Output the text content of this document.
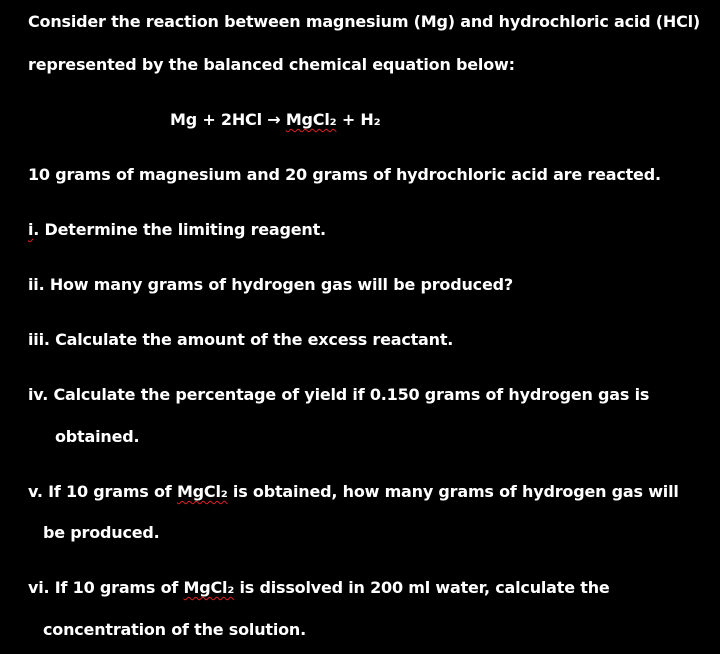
Consider the reaction between magnesium (Mg) and hydrochloric acid (HCl)
represented by the balanced chemical equation below:
Mg + 2HCl → MgCl₂ + H₂
10 grams of magnesium and 20 grams of hydrochloric acid are reacted.
i. Determine the limiting reagent.
ii. How many grams of hydrogen gas will be produced?
iii. Calculate the amount of the excess reactant.
iv. Calculate the percentage of yield if 0.150 grams of hydrogen gas is
obtained.
v. If 10 grams of MgCl₂ is obtained, how many grams of hydrogen gas will
be produced.
vi. If 10 grams of MgCl₂ is dissolved in 200 ml water, calculate the
concentration of the solution.
